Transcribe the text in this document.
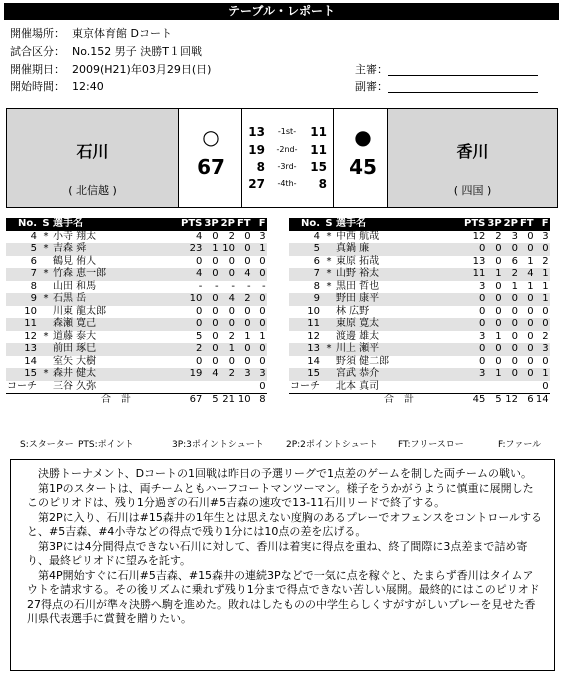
テーブル・レポート
開催場所： 東京体育館 Dコート
試合区分： No.152 男子 決勝T１回戦
開催期日： 2009(H21)年03月29日(日)
開始時間： 12:40
主審：
副審：
石川
( 北信越 )
○
67
13	-1st-	11
19	-2nd-	11
8	-3rd-	15
27	-4th-	8
●
45
香川
( 四国 )
No.	S	選手名	PTS	3P	2P	FT	F
4	*	小寺 翔太	4	0	2	0	3
5	*	吉森 舜	23	1	10	0	1
6		鶴見 侑人	0	0	0	0	0
7	*	竹森 恵一郎	4	0	0	4	0
8		山田 和馬	-	-	-	-	-
9	*	石黒 岳	10	0	4	2	0
10		川東 龍太郎	0	0	0	0	0
11		森瀬 寛己	0	0	0	0	0
12	*	道藤 泰大	5	0	2	1	1
13		前田 琢巳	2	0	1	0	0
14		室矢 大樹	0	0	0	0	0
15	*	森井 健太	19	4	2	3	3
コーチ		三谷 久弥					0
		合　計	67	5	21	10	8
No.	S	選手名	PTS	3P	2P	FT	F
4	*	中西 航哉	12	2	3	0	3
5		真鍋 廉	0	0	0	0	0
6	*	東原 拓哉	13	0	6	1	2
7	*	山野 裕太	11	1	2	4	1
8	*	黒田 哲也	3	0	1	1	1
9		野田 康平	0	0	0	0	1
10		林 広野	0	0	0	0	0
11		東原 寛太	0	0	0	0	0
12		渡邊 雄太	3	1	0	0	2
13	*	川上 瀬平	0	0	0	0	3
14		野須 健二郎	0	0	0	0	0
15		宮武 恭介	3	1	0	0	1
コーチ		北本 真司					0
		合　計	45	5	12	6	14
S:スターター PTS:ポイント	3P:3ポイントシュート 2P:2ポイントシュート FT:フリースロー	F:ファール

決勝トーナメント、Dコートの1回戦は昨日の予選リーグで1点差のゲームを制した両チームの戦い。

第1Pのスタートは、両チームともハーフコートマンツーマン。様子をうかがうように慎重に展開したこのピリオドは、残り1分過ぎの石川#5吉森の速攻で13-11石川リードで終了する。

第2Pに入り、石川は#15森井の1年生とは思えない度胸のあるプレーでオフェンスをコントロールすると、#5吉森、#4小寺などの得点で残り1分には10点の差を広げる。

第3Pには4分間得点できない石川に対して、香川は着実に得点を重ね、終了間際に3点差まで詰め寄り、最終ピリオドに望みを託す。

第4P開始すぐに石川#5吉森、#15森井の連続3Pなどで一気に点を稼ぐと、たまらず香川はタイムアウトを請求する。その後リズムに乗れず残り1分まで得点できない苦しい展開。最終的にはこのピリオド27得点の石川が準々決勝へ駒を進めた。敗れはしたものの中学生らしくすがすがしいプレーを見せた香川県代表選手に賞賛を贈りたい。
